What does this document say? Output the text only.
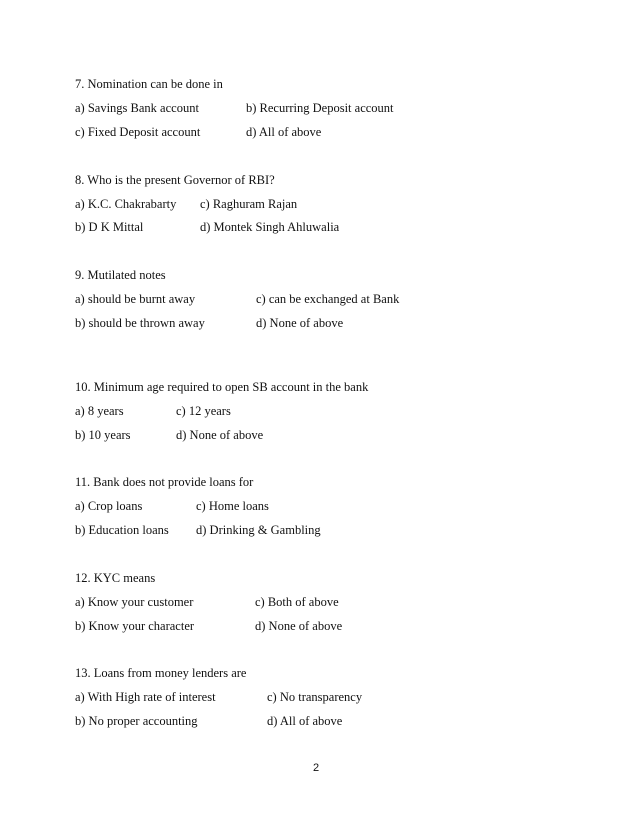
7. Nomination can be done in
a) Savings Bank account	b) Recurring Deposit account
c) Fixed Deposit account	d) All of above
8. Who is the present Governor of RBI?
a) K.C. Chakrabarty c) Raghuram Rajan
b) D K Mittal	d) Montek Singh Ahluwalia
9. Mutilated notes
a) should be burnt away	c) can be exchanged at Bank
b) should be thrown away	d) None of above
10. Minimum age required to open SB account in the bank
a) 8 years	c) 12 years
b) 10 years	d) None of above
11. Bank does not provide loans for
a) Crop loans	c) Home loans
b) Education loans d) Drinking & Gambling
12. KYC means
a) Know your customer	c) Both of above
b) Know your character	d) None of above
13. Loans from money lenders are
a) With High rate of interest	c) No transparency
b) No proper accounting	d) All of above
2
